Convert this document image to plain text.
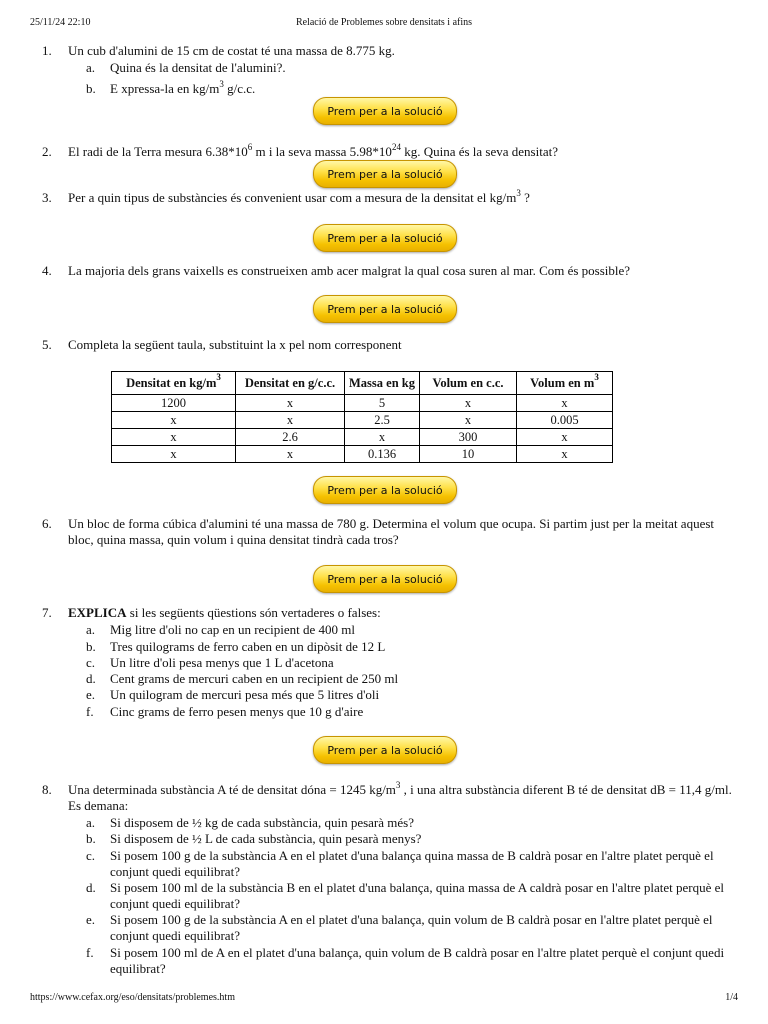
25/11/24 22:10	Relació de Problemes sobre densitats i afins
1.	Un cub d'alumini de 15 cm de costat té una massa de 8.775 kg.
a.	Quina és la densitat de l'alumini?.
b.	E xpressa-la en $kg/m^3$ g/c.c.
Prem per a la solució
2.	El radi de la Terra mesura $6.38*10^6$ m i la seva massa $5.98*10^{24}$ kg. Quina és la seva densitat?
Prem per a la solució
3.	Per a quin tipus de substàncies és convenient usar com a mesura de la densitat el $kg/m^3$ ?
Prem per a la solució
4.	La majoria dels grans vaixells es construeixen amb acer malgrat la qual cosa suren al mar. Com és possible?
Prem per a la solució
5.	Completa la següent taula, substituint la x pel nom corresponent
Densitat en $kg/m^3$	Densitat en g/c.c.	Massa en kg	Volum en c.c.	Volum en $m^3$
1200	x	5	x	x
x	x	2.5	x	0.005
x	2.6	x	300	x
x	x	0.136	10	x
Prem per a la solució
6.	Un bloc de forma cúbica d'alumini té una massa de 780 g. Determina el volum que ocupa. Si partim just per la meitat aquest bloc, quina massa, quin volum i quina densitat tindrà cada tros?
Prem per a la solució
7.	EXPLICA si les següents qüestions són vertaderes o falses:
a.	Mig litre d'oli no cap en un recipient de 400 ml
b.	Tres quilograms de ferro caben en un dipòsit de 12 L
c.	Un litre d'oli pesa menys que 1 L d'acetona
d.	Cent grams de mercuri caben en un recipient de 250 ml
e.	Un quilogram de mercuri pesa més que 5 litres d'oli
f.	Cinc grams de ferro pesen menys que 10 g d'aire
Prem per a la solució
8.	Una determinada substància A té de densitat dóna = 1245 $kg/m^3$ , i una altra substància diferent B té de densitat dB = 11,4 g/ml. Es demana:
a.	Si disposem de ½ kg de cada substància, quin pesarà més?
b.	Si disposem de ½ L de cada substància, quin pesarà menys?
c.	Si posem 100 g de la substància A en el platet d'una balança quina massa de B caldrà posar en l'altre platet perquè el conjunt quedi equilibrat?
d.	Si posem 100 ml de la substància B en el platet d'una balança, quina massa de A caldrà posar en l'altre platet perquè el conjunt quedi equilibrat?
e.	Si posem 100 g de la substància A en el platet d'una balança, quin volum de B caldrà posar en l'altre platet perquè el conjunt quedi equilibrat?
f.	Si posem 100 ml de A en el platet d'una balança, quin volum de B caldrà posar en l'altre platet perquè el conjunt quedi equilibrat?
https://www.cefax.org/eso/densitats/problemes.htm	1/4
